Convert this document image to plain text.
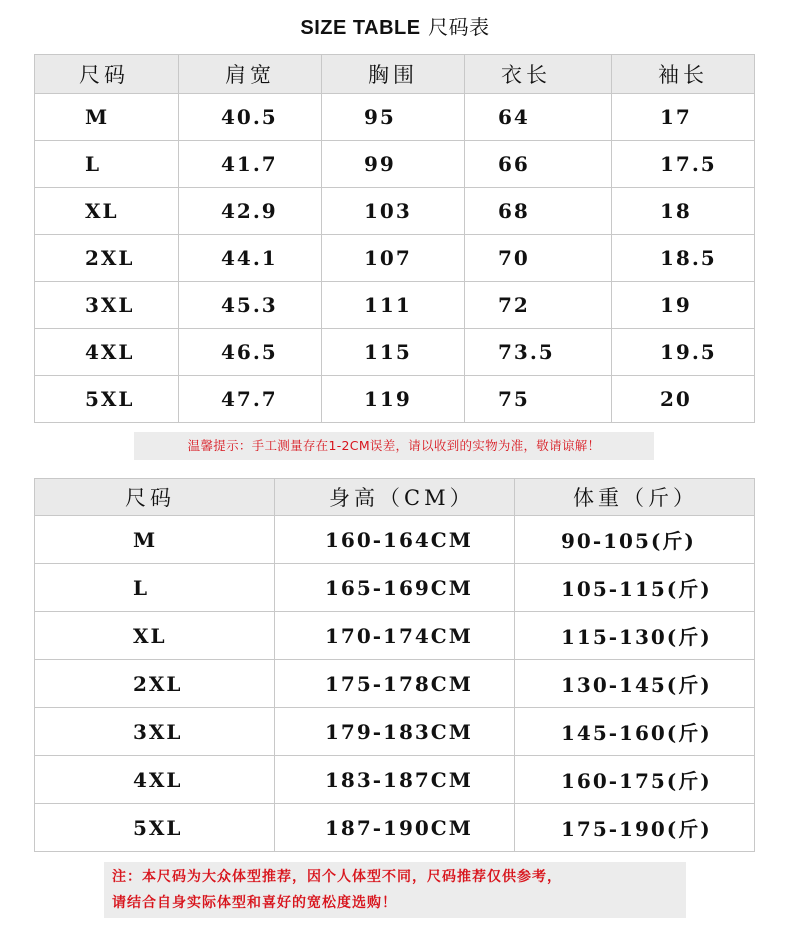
SIZE TABLE 尺码表
尺码	肩宽	胸围	衣长	袖长
M	40.5	95	64	17
L	41.7	99	66	17.5
XL	42.9	103	68	18
2XL	44.1	107	70	18.5
3XL	45.3	111	72	19
4XL	46.5	115	73.5	19.5
5XL	47.7	119	75	20
温馨提示：手工测量存在1-2CM误差，请以收到的实物为准，敬请谅解！
尺码	身高（CM）	体重（斤）
M	160-164CM	90-105(斤)
L	165-169CM	105-115(斤)
XL	170-174CM	115-130(斤)
2XL	175-178CM	130-145(斤)
3XL	179-183CM	145-160(斤)
4XL	183-187CM	160-175(斤)
5XL	187-190CM	175-190(斤)
注：本尺码为大众体型推荐，因个人体型不同，尺码推荐仅供参考，
请结合自身实际体型和喜好的宽松度选购！
